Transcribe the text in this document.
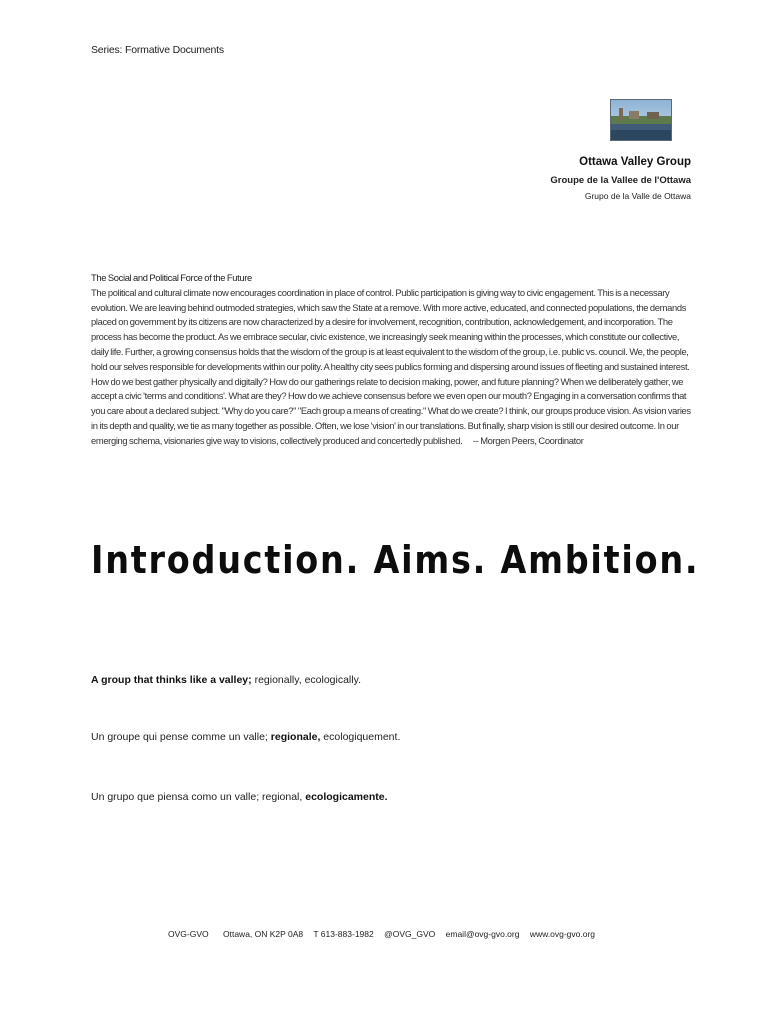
Series: Formative Documents
Ottawa Valley Group
Groupe de la Vallee de l'Ottawa
Grupo de la Valle de Ottawa
The Social and Political Force of the Future
The political and cultural climate now encourages coordination in place of control. Public participation is giving way to civic engagement. This is a necessary evolution. We are leaving behind outmoded strategies, which saw the State at a remove. With more active, educated, and connected populations, the demands placed on government by its citizens are now characterized by a desire for involvement, recognition, contribution, acknowledgement, and incorporation. The process has become the product. As we embrace secular, civic existence, we increasingly seek meaning within the processes, which constitute our collective, daily life. Further, a growing consensus holds that the wisdom of the group is at least equivalent to the wisdom of the group, i.e. public vs. council. We, the people, hold our selves responsible for developments within our polity. A healthy city sees publics forming and dispersing around issues of fleeting and sustained interest. How do we best gather physically and digitally? How do our gatherings relate to decision making, power, and future planning? When we deliberately gather, we accept a civic 'terms and conditions'. What are they? How do we achieve consensus before we even open our mouth? Engaging in a conversation confirms that you care about a declared subject. "Why do you care?" "Each group a means of creating." What do we create? I think, our groups produce vision. As vision varies in its depth and quality, we tie as many together as possible. Often, we lose 'vision' in our translations. But finally, sharp vision is still our desired outcome. In our emerging schema, visionaries give way to visions, collectively produced and concertedly published. -- Morgen Peers, Coordinator
Introduction. Aims. Ambition.
A group that thinks like a valley; regionally, ecologically.
Un groupe qui pense comme un valle; regionale, ecologiquement.
Un grupo que piensa como un valle; regional, ecologicamente.
OVG-GVO Ottawa, ON K2P 0A8 T 613-883-1982 @OVG_GVO email@ovg-gvo.org www.ovg-gvo.org
